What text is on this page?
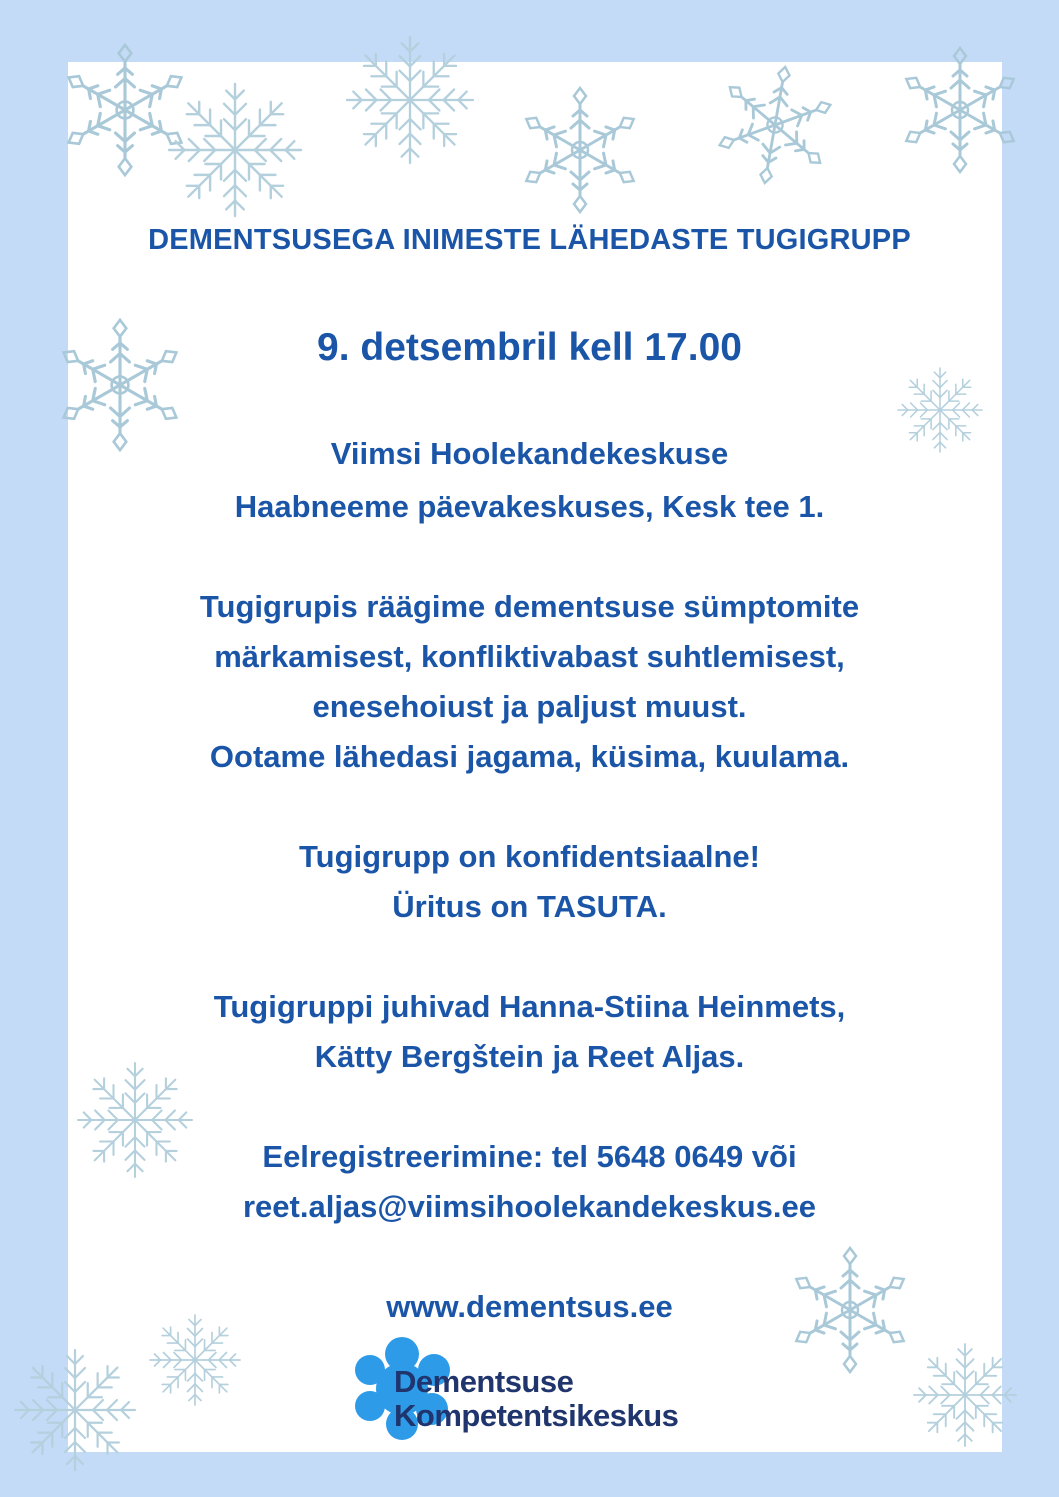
DEMENTSUSEGA INIMESTE LÄHEDASTE TUGIGRUPP
9. detsembril kell 17.00
Viimsi Hoolekandekeskuse
Haabneeme päevakeskuses, Kesk tee 1.
Tugigrupis räägime dementsuse sümptomite
märkamisest, konfliktivabast suhtlemisest,
enesehoiust ja paljust muust.
Ootame lähedasi jagama, küsima, kuulama.
Tugigrupp on konfidentsiaalne!
Üritus on TASUTA.
Tugigruppi juhivad Hanna-Stiina Heinmets,
Kätty Bergštein ja Reet Aljas.
Eelregistreerimine: tel 5648 0649 või
reet.aljas@viimsihoolekandekeskus.ee
www.dementsus.ee
Dementsuse
Kompetentsikeskus
